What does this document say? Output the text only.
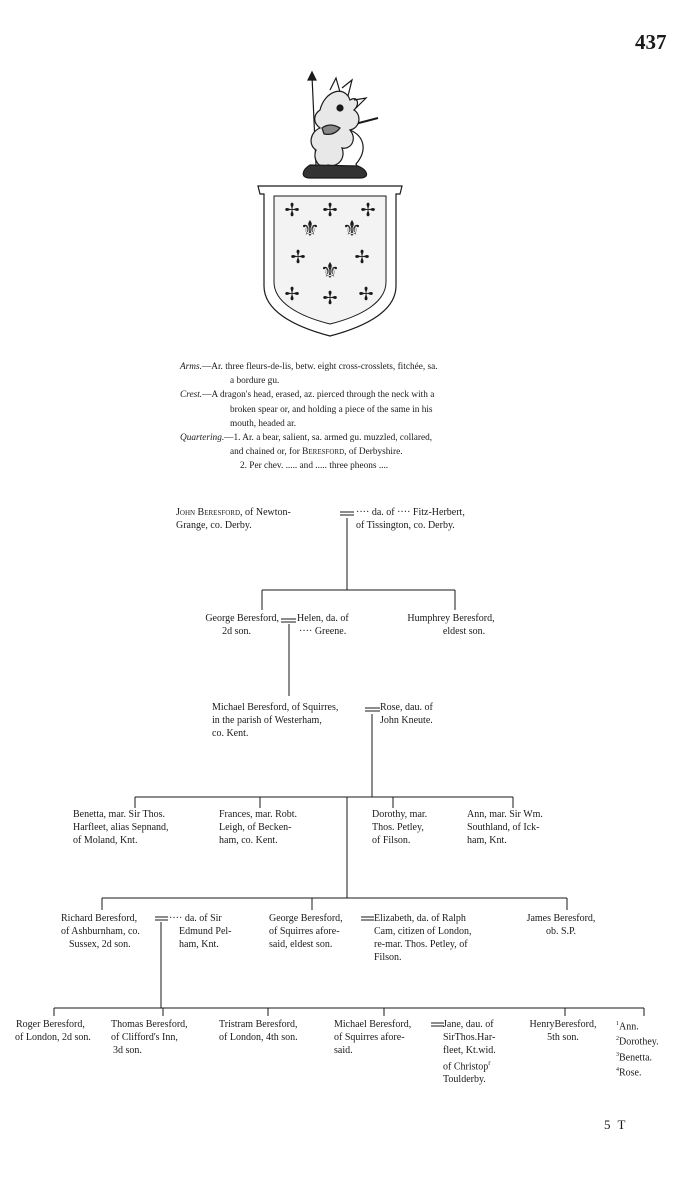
437
✢ ✢ ✢
✢	✢
✢ ✢ ✢
⚜ ⚜
⚜
Arms.—Ar. three fleurs-de-lis, betw. eight cross-crosslets, fitchée, sa.
a bordure gu.
Crest.—A dragon's head, erased, az. pierced through the neck with a
broken spear or, and holding a piece of the same in his
mouth, headed ar.
Quartering.—1. Ar. a bear, salient, sa. armed gu. muzzled, collared,
and chained or, for Beresford, of Derbyshire.
2. Per chev. ..... and ..... three pheons ....
John Beresford, of Newton-
Grange, co. Derby.
···· da. of ···· Fitz-Herbert,
of Tissington, co. Derby.
George Beresford,
2d son.
Helen, da. of
···· Greene.
Humphrey Beresford,
eldest son.
Michael Beresford, of Squirres,
in the parish of Westerham,
co. Kent.
Rose, dau. of
John Kneute.
Benetta, mar. Sir Thos.
Harfleet, alias Sepnand,
of Moland, Knt.
Frances, mar. Robt.
Leigh, of Becken-
ham, co. Kent.
Dorothy, mar.
Thos. Petley,
of Filson.
Ann, mar. Sir Wm.
Southland, of Ick-
ham, Knt.
Richard Beresford,
of Ashburnham, co.
Sussex, 2d son.
···· da. of Sir
Edmund Pel-
ham, Knt.
George Beresford,
of Squirres afore-
said, eldest son.
Elizabeth, da. of Ralph
Cam, citizen of London,
re-mar. Thos. Petley, of
Filson.
James Beresford,
ob. S.P.
Roger Beresford,
of London, 2d son.
Thomas Beresford,
of Clifford's Inn,
3d son.
Tristram Beresford,
of London, 4th son.
Michael Beresford,
of Squirres afore-
said.
Jane, dau. of
SirThos.Har-
fleet, Kt.wid.
of Christop$^r$
Toulderby.
HenryBeresford,
5th son.
$^1$Ann.
$^2$Dorothey.
$^3$Benetta.
$^4$Rose.
5 T
